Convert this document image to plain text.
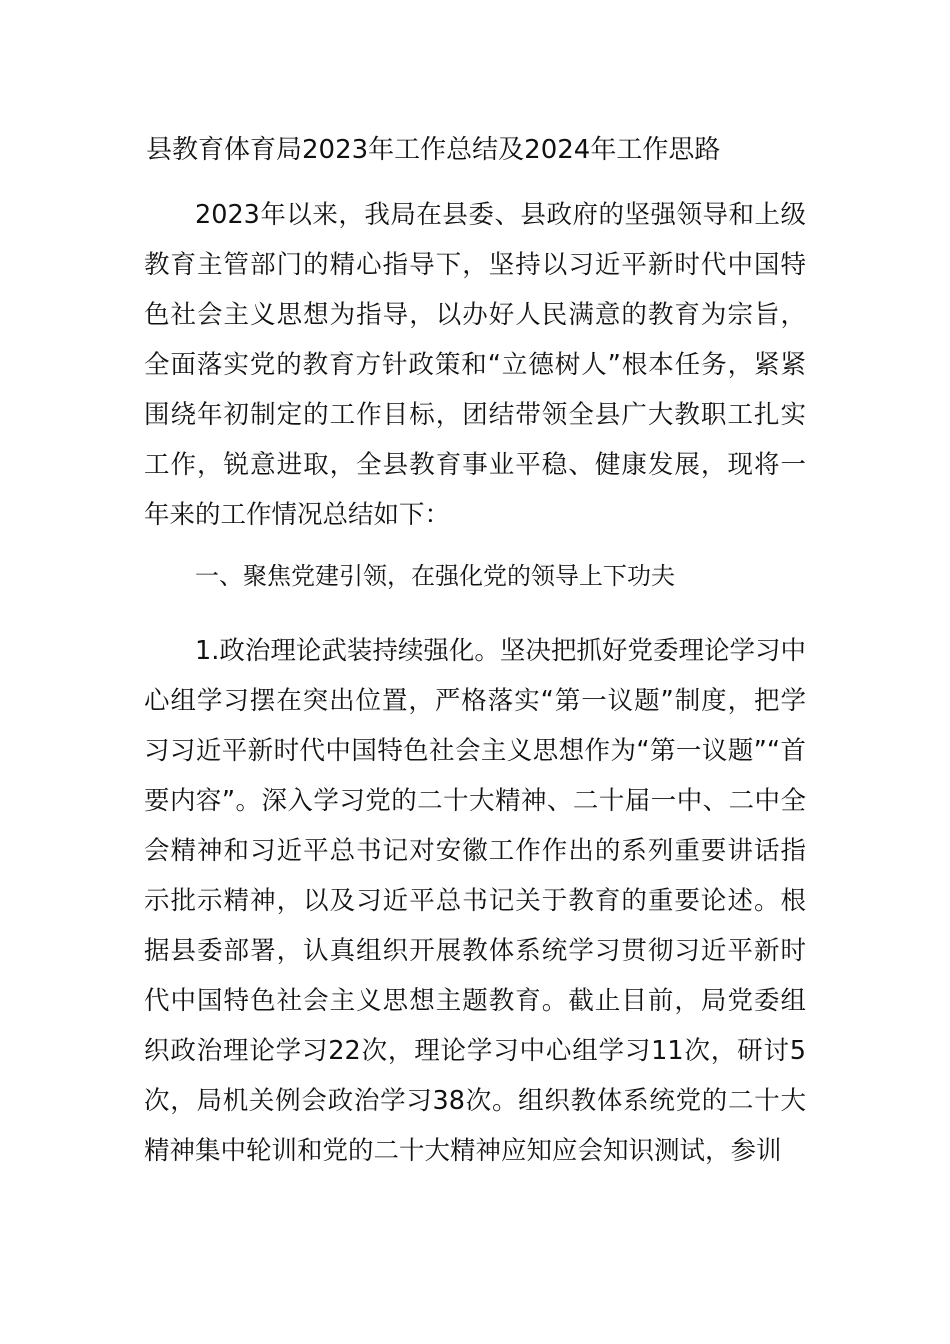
县教育体育局2023年工作总结及2024年工作思路

2023年以来，我局在县委、县政府的坚强领导和上级教育主管部门的精心指导下，坚持以习近平新时代中国特色社会主义思想为指导，以办好人民满意的教育为宗旨，全面落实党的教育方针政策和“立德树人”根本任务，紧紧围绕年初制定的工作目标，团结带领全县广大教职工扎实工作，锐意进取，全县教育事业平稳、健康发展，现将一年来的工作情况总结如下：

一、聚焦党建引领，在强化党的领导上下功夫

1.政治理论武装持续强化。坚决把抓好党委理论学习中心组学习摆在突出位置，严格落实“第一议题”制度，把学习习近平新时代中国特色社会主义思想作为“第一议题”“首要内容”。深入学习党的二十大精神、二十届一中、二中全会精神和习近平总书记对安徽工作作出的系列重要讲话指示批示精神，以及习近平总书记关于教育的重要论述。根据县委部署，认真组织开展教体系统学习贯彻习近平新时代中国特色社会主义思想主题教育。截止目前，局党委组织政治理论学习22次，理论学习中心组学习11次，研讨5次，局机关例会政治学习38次。组织教体系统党的二十大精神集中轮训和党的二十大精神应知应会知识测试，参训
